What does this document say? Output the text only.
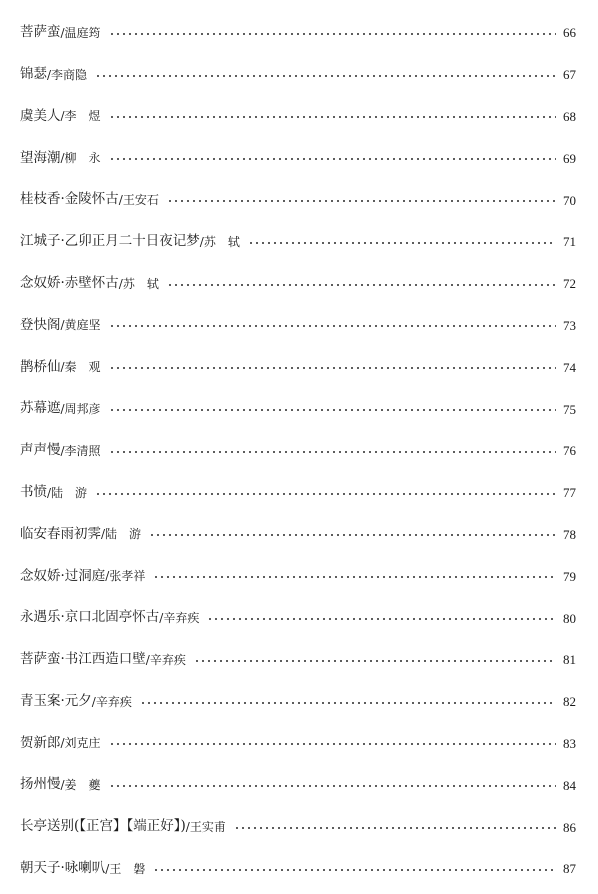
菩萨蛮 / 温庭筠	66
锦瑟 / 李商隐	67
虞美人 / 李　煜	68
望海潮 / 柳　永	69
桂枝香·金陵怀古 / 王安石	70
江城子·乙卯正月二十日夜记梦 / 苏　轼	71
念奴娇·赤壁怀古 / 苏　轼	72
登快阁 / 黄庭坚	73
鹊桥仙 / 秦　观	74
苏幕遮 / 周邦彦	75
声声慢 / 李清照	76
书愤 / 陆　游	77
临安春雨初霁 / 陆　游	78
念奴娇·过洞庭 / 张孝祥	79
永遇乐·京口北固亭怀古 / 辛弃疾	80
菩萨蛮·书江西造口壁 / 辛弃疾	81
青玉案·元夕 / 辛弃疾	82
贺新郎 / 刘克庄	83
扬州慢 / 姜　夔	84
长亭送别(【正宫】【端正好】) / 王实甫	86
朝天子·咏喇叭 / 王　磐	87
